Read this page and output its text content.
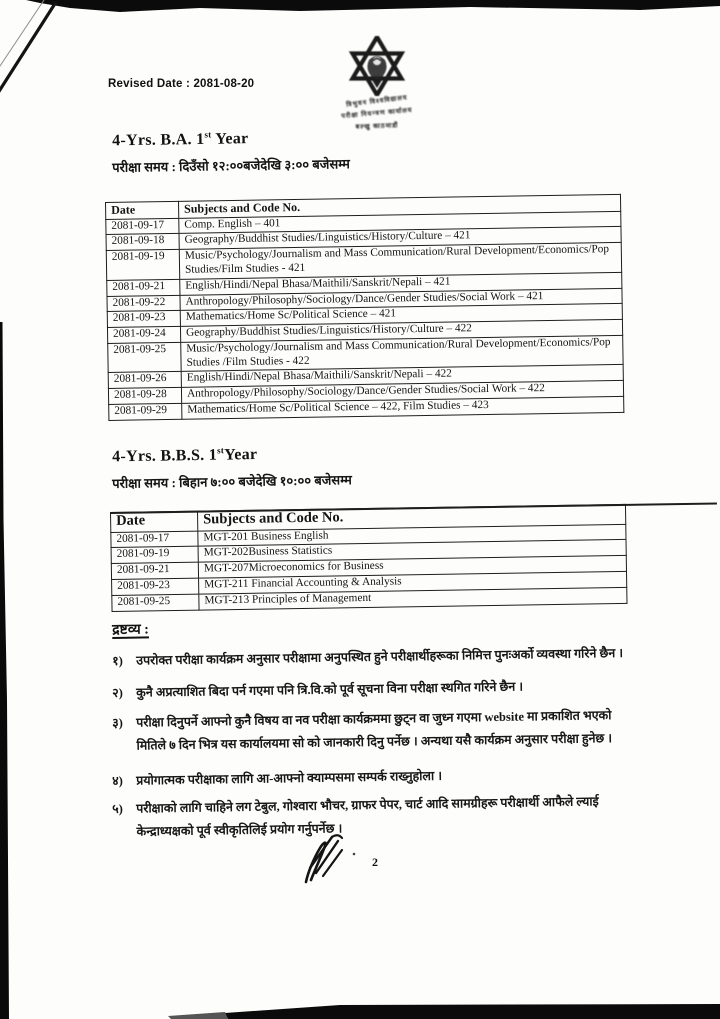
Revised Date : 2081-08-20
त्रिभुवन विश्वविद्यालय
परीक्षा नियन्त्रण कार्यालय
बल्खु काठमाडौं
4-Yrs. B.A. 1st Year
परीक्षा समय : दिउँसो १२:००बजेदेखि ३:०० बजेसम्म
Date	Subjects and Code No.
2081-09-17	Comp. English – 401
2081-09-18	Geography/Buddhist Studies/Linguistics/History/Culture – 421
2081-09-19	Music/Psychology/Journalism and Mass Communication/Rural Development/Economics/Pop Studies/Film Studies - 421
2081-09-21	English/Hindi/Nepal Bhasa/Maithili/Sanskrit/Nepali – 421
2081-09-22	Anthropology/Philosophy/Sociology/Dance/Gender Studies/Social Work – 421
2081-09-23	Mathematics/Home Sc/Political Science – 421
2081-09-24	Geography/Buddhist Studies/Linguistics/History/Culture – 422
2081-09-25	Music/Psychology/Journalism and Mass Communication/Rural Development/Economics/Pop Studies /Film Studies - 422
2081-09-26	English/Hindi/Nepal Bhasa/Maithili/Sanskrit/Nepali – 422
2081-09-28	Anthropology/Philosophy/Sociology/Dance/Gender Studies/Social Work – 422
2081-09-29	Mathematics/Home Sc/Political Science – 422, Film Studies – 423
4-Yrs. B.B.S. 1stYear
परीक्षा समय : बिहान ७:०० बजेदेखि १०:०० बजेसम्म
Date	Subjects and Code No.
2081-09-17	MGT-201 Business English
2081-09-19	MGT-202Business Statistics
2081-09-21	MGT-207Microeconomics for Business
2081-09-23	MGT-211 Financial Accounting & Analysis
2081-09-25	MGT-213 Principles of Management
द्रष्टव्य :
१)	उपरोक्त परीक्षा कार्यक्रम अनुसार परीक्षामा अनुपस्थित हुने परीक्षार्थीहरूका निमित्त पुनःअर्को व्यवस्था गरिने छैन ।
२)	कुनै अप्रत्याशित बिदा पर्न गएमा पनि त्रि.वि.को पूर्व सूचना विना परीक्षा स्थगित गरिने छैन ।
३)	परीक्षा दिनुपर्ने आफ्नो कुनै विषय वा नव परीक्षा कार्यक्रममा छुट्न वा जुध्न गएमा website मा प्रकाशित भएको मितिले ७ दिन भित्र यस कार्यालयमा सो को जानकारी दिनु पर्नेछ । अन्यथा यसै कार्यक्रम अनुसार परीक्षा हुनेछ ।
४)	प्रयोगात्मक परीक्षाका लागि आ-आफ्नो क्याम्पसमा सम्पर्क राख्नुहोला ।
५)	परीक्षाको लागि चाहिने लग टेबुल, गोश्वारा भौचर, ग्राफर पेपर, चार्ट आदि सामग्रीहरू परीक्षार्थी आफैले ल्याई केन्द्राध्यक्षको पूर्व स्वीकृतिलिई प्रयोग गर्नुपर्नेछ ।
2
